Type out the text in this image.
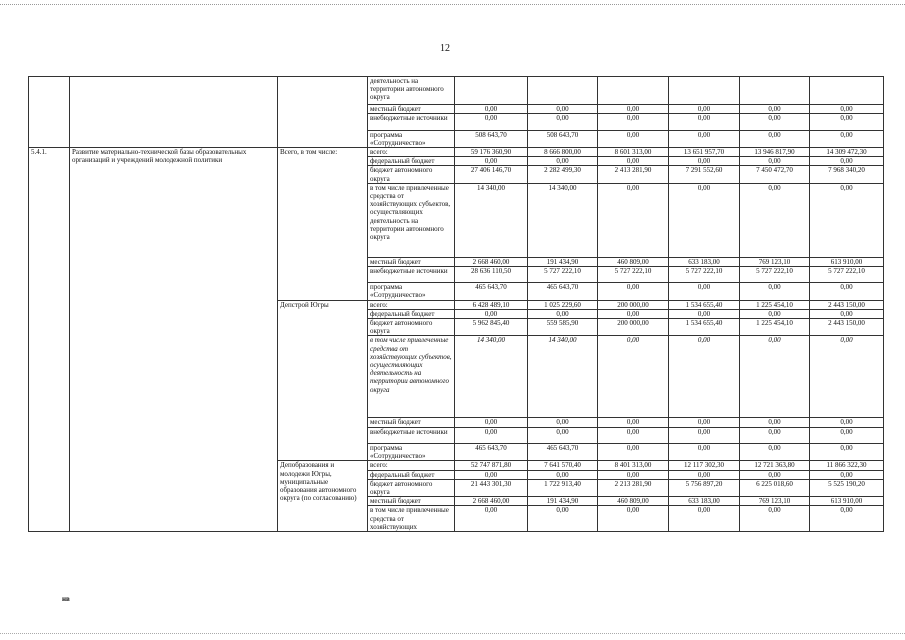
12
			деятельность на территории автономного округа						
			местный бюджет	0,00	0,00	0,00	0,00	0,00	0,00
			внебюджетные источники	0,00	0,00	0,00	0,00	0,00	0,00
			программа «Сотрудничество»	508 643,70	508 643,70	0,00	0,00	0,00	0,00
5.4.1.	Развитие материально-технической базы образовательных организаций и учреждений молодежной политики	Всего, в том числе:	всего:	59 176 360,90	8 666 800,00	8 601 313,00	13 651 957,70	13 946 817,90	14 309 472,30
			федеральный бюджет	0,00	0,00	0,00	0,00	0,00	0,00
			бюджет автономного округа	27 406 146,70	2 282 499,30	2 413 281,90	7 291 552,60	7 450 472,70	7 968 340,20
			в том числе привлеченные средства от хозяйствующих субъектов, осуществляющих деятельность на территории автономного округа	14 340,00	14 340,00	0,00	0,00	0,00	0,00
			местный бюджет	2 668 460,00	191 434,90	460 809,00	633 183,00	769 123,10	613 910,00
			внебюджетные источники	28 636 110,50	5 727 222,10	5 727 222,10	5 727 222,10	5 727 222,10	5 727 222,10
			программа «Сотрудничество»	465 643,70	465 643,70	0,00	0,00	0,00	0,00
		Депстрой Югры	всего:	6 428 489,10	1 025 229,60	200 000,00	1 534 655,40	1 225 454,10	2 443 150,00
			федеральный бюджет	0,00	0,00	0,00	0,00	0,00	0,00
			бюджет автономного округа	5 962 845,40	559 585,90	200 000,00	1 534 655,40	1 225 454,10	2 443 150,00
			в том числе привлеченные средства от хозяйствующих субъектов, осуществляющих деятельность на территории автономного округа	14 340,00	14 340,00	0,00	0,00	0,00	0,00
			местный бюджет	0,00	0,00	0,00	0,00	0,00	0,00
			внебюджетные источники	0,00	0,00	0,00	0,00	0,00	0,00
			программа «Сотрудничество»	465 643,70	465 643,70	0,00	0,00	0,00	0,00
		Депобразования и молодежи Югры, муниципальные образования автономного округа (по согласованию)	всего:	52 747 871,80	7 641 570,40	8 401 313,00	12 117 302,30	12 721 363,80	11 866 322,30
			федеральный бюджет	0,00	0,00	0,00	0,00	0,00	0,00
			бюджет автономного округа	21 443 301,30	1 722 913,40	2 213 281,90	5 756 897,20	6 225 018,60	5 525 190,20
			местный бюджет	2 668 460,00	191 434,90	460 809,00	633 183,00	769 123,10	613 910,00
			в том числе привлеченные средства от хозяйствующих	0,00	0,00	0,00	0,00	0,00	0,00
нв
